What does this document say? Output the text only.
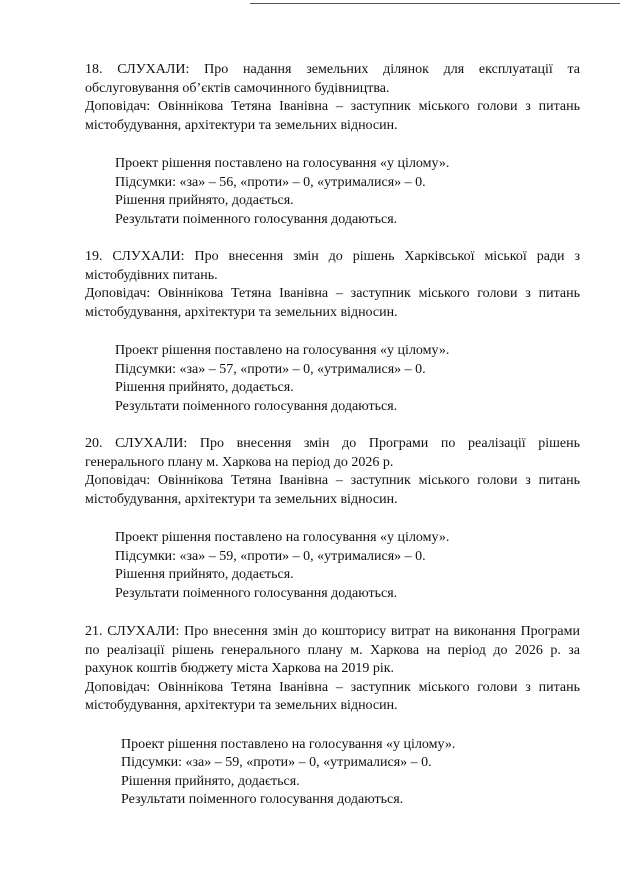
18. СЛУХАЛИ: Про надання земельних ділянок для експлуатації та обслуговування об’єктів самочинного будівництва.
Доповідач: Овіннікова Тетяна Іванівна – заступник міського голови з питань містобудування, архітектури та земельних відносин.
Проект рішення поставлено на голосування «у цілому».
Підсумки: «за» – 56, «проти» – 0, «утрималися» – 0.
Рішення прийнято, додається.
Результати поіменного голосування додаються.
19. СЛУХАЛИ: Про внесення змін до рішень Харківської міської ради з містобудівних питань.
Доповідач: Овіннікова Тетяна Іванівна – заступник міського голови з питань містобудування, архітектури та земельних відносин.
Проект рішення поставлено на голосування «у цілому».
Підсумки: «за» – 57, «проти» – 0, «утрималися» – 0.
Рішення прийнято, додається.
Результати поіменного голосування додаються.
20. СЛУХАЛИ: Про внесення змін до Програми по реалізації рішень генерального плану м. Харкова на період до 2026 р.
Доповідач: Овіннікова Тетяна Іванівна – заступник міського голови з питань містобудування, архітектури та земельних відносин.
Проект рішення поставлено на голосування «у цілому».
Підсумки: «за» – 59, «проти» – 0, «утрималися» – 0.
Рішення прийнято, додається.
Результати поіменного голосування додаються.
21. СЛУХАЛИ: Про внесення змін до кошторису витрат на виконання Програми по реалізації рішень генерального плану м. Харкова на період до 2026 р. за рахунок коштів бюджету міста Харкова на 2019 рік.
Доповідач: Овіннікова Тетяна Іванівна – заступник міського голови з питань містобудування, архітектури та земельних відносин.
Проект рішення поставлено на голосування «у цілому».
Підсумки: «за» – 59, «проти» – 0, «утрималися» – 0.
Рішення прийнято, додається.
Результати поіменного голосування додаються.
